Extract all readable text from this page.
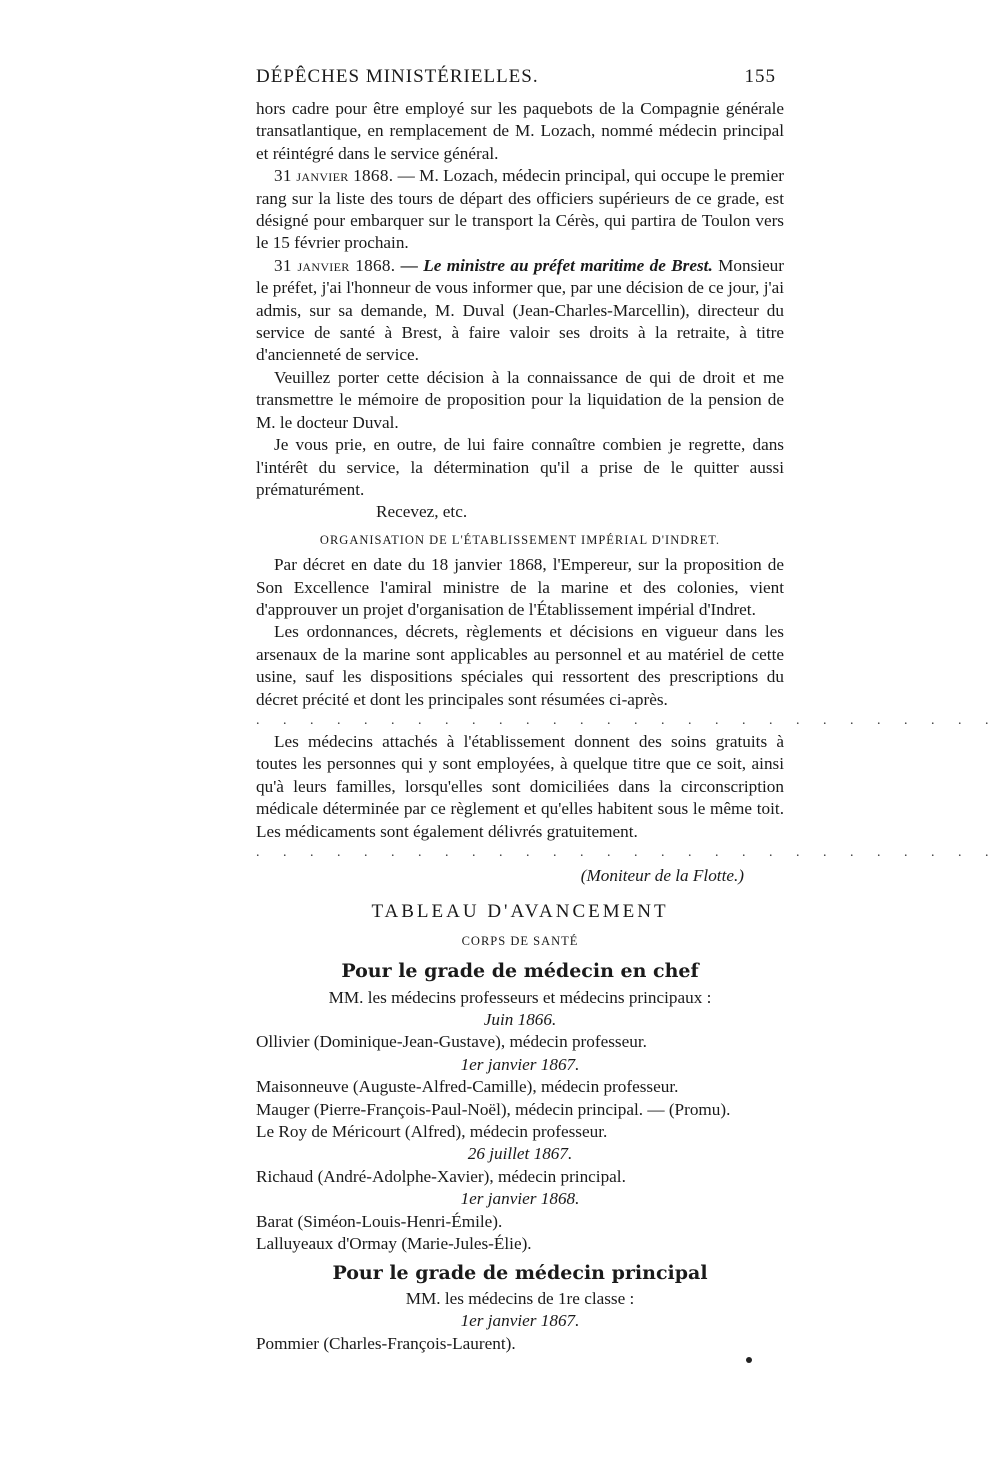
DÉPÊCHES MINISTÉRIELLES.	155

hors cadre pour être employé sur les paquebots de la Compagnie générale transatlantique, en remplacement de M. Lozach, nommé médecin principal et réintégré dans le service général.

31 janvier 1868. — M. Lozach, médecin principal, qui occupe le premier rang sur la liste des tours de départ des officiers supérieurs de ce grade, est désigné pour embarquer sur le transport la Cérès, qui partira de Toulon vers le 15 février prochain.

31 janvier 1868. — Le ministre au préfet maritime de Brest. Monsieur le préfet, j'ai l'honneur de vous informer que, par une décision de ce jour, j'ai admis, sur sa demande, M. Duval (Jean-Charles-Marcellin), directeur du service de santé à Brest, à faire valoir ses droits à la retraite, à titre d'ancienneté de service.

Veuillez porter cette décision à la connaissance de qui de droit et me transmettre le mémoire de proposition pour la liquidation de la pension de M. le docteur Duval.

Je vous prie, en outre, de lui faire connaître combien je regrette, dans l'intérêt du service, la détermination qu'il a prise de le quitter aussi prématurément.

Recevez, etc.

ORGANISATION DE L'ÉTABLISSEMENT IMPÉRIAL D'INDRET.

Par décret en date du 18 janvier 1868, l'Empereur, sur la proposition de Son Excellence l'amiral ministre de la marine et des colonies, vient d'approuver un projet d'organisation de l'Établissement impérial d'Indret.

Les ordonnances, décrets, règlements et décisions en vigueur dans les arsenaux de la marine sont applicables au personnel et au matériel de cette usine, sauf les dispositions spéciales qui ressortent des prescriptions du décret précité et dont les principales sont résumées ci-après.

. . . . . . . . . . . . . . . . . . . . . . . . . . . .

Les médecins attachés à l'établissement donnent des soins gratuits à toutes les personnes qui y sont employées, à quelque titre que ce soit, ainsi qu'à leurs familles, lorsqu'elles sont domiciliées dans la circonscription médicale déterminée par ce règlement et qu'elles habitent sous le même toit. Les médicaments sont également délivrés gratuitement.

. . . . . . . . . . . . . . . . . . . . . . . . . . . .
(Moniteur de la Flotte.)
TABLEAU D'AVANCEMENT
CORPS DE SANTÉ
Pour le grade de médecin en chef
MM. les médecins professeurs et médecins principaux :
Juin 1866.
Ollivier (Dominique-Jean-Gustave), médecin professeur.
1er janvier 1867.
Maisonneuve (Auguste-Alfred-Camille), médecin professeur.
Mauger (Pierre-François-Paul-Noël), médecin principal. — (Promu).
Le Roy de Méricourt (Alfred), médecin professeur.
26 juillet 1867.
Richaud (André-Adolphe-Xavier), médecin principal.
1er janvier 1868.
Barat (Siméon-Louis-Henri-Émile).
Lalluyeaux d'Ormay (Marie-Jules-Élie).
Pour le grade de médecin principal
MM. les médecins de 1re classe :
1er janvier 1867.
Pommier (Charles-François-Laurent).
